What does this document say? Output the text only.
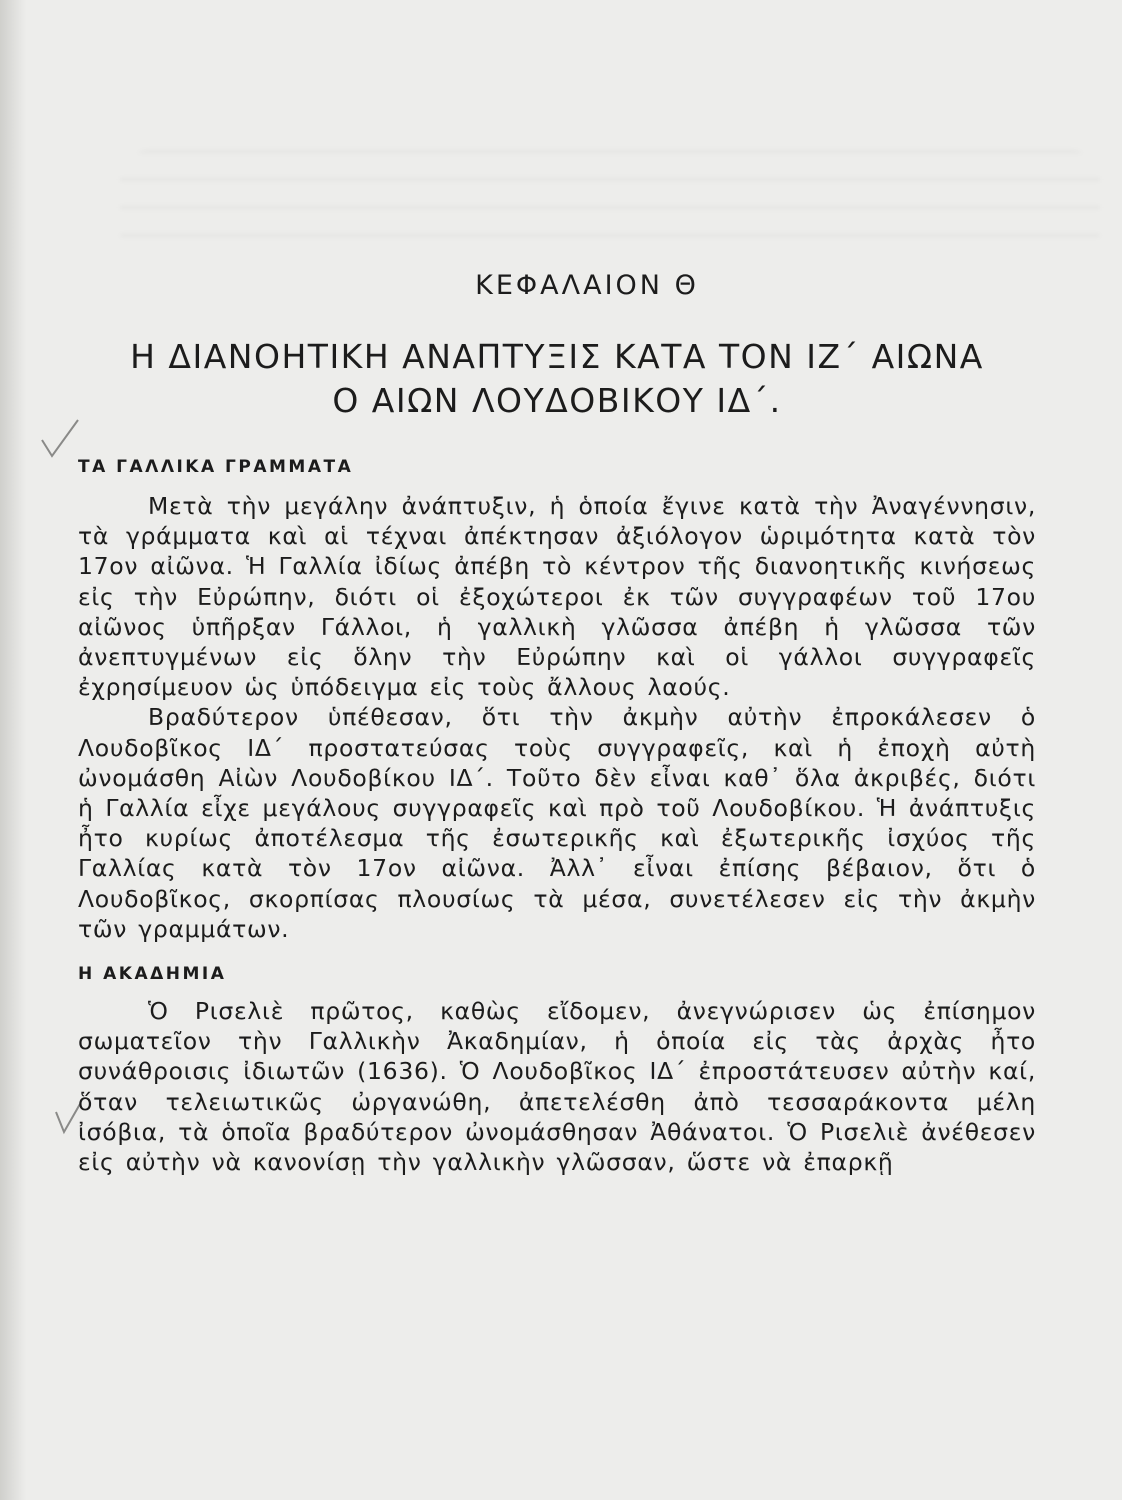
ΚΕΦΑΛΑΙΟΝ Θ
Η ΔΙΑΝΟΗΤΙΚΗ ΑΝΑΠΤΥΞΙΣ ΚΑΤΑ ΤΟΝ ΙΖ΄ ΑΙΩΝΑ
Ο ΑΙΩΝ ΛΟΥΔΟΒΙΚΟΥ ΙΔ΄.
ΤΑ ΓΑΛΛΙΚΑ ΓΡΑΜΜΑΤΑ

Μετὰ τὴν μεγάλην ἀνάπτυξιν, ἡ ὁποία ἔγινε κατὰ τὴν Ἀναγέννησιν, τὰ γράμματα καὶ αἱ τέχναι ἀπέκτησαν ἀξιόλογον ὡριμότητα κατὰ τὸν 17ον αἰῶνα. Ἡ Γαλλία ἰδίως ἀπέβη τὸ κέντρον τῆς διανοητικῆς κινήσεως εἰς τὴν Εὐρώπην, διότι οἱ ἐξοχώτεροι ἐκ τῶν συγγραφέων τοῦ 17ου αἰῶνος ὑπῆρξαν Γάλλοι, ἡ γαλλικὴ γλῶσσα ἀπέβη ἡ γλῶσσα τῶν ἀνεπτυγμένων εἰς ὅλην τὴν Εὐρώπην καὶ οἱ γάλλοι συγγραφεῖς ἐχρησίμευον ὡς ὑπόδειγμα εἰς τοὺς ἄλλους λαούς.

Βραδύτερον ὑπέθεσαν, ὅτι τὴν ἀκμὴν αὐτὴν ἐπροκάλεσεν ὁ Λουδοβῖκος ΙΔ΄ προστατεύσας τοὺς συγγραφεῖς, καὶ ἡ ἐποχὴ αὐτὴ ὠνομάσθη Αἰὼν Λουδοβίκου ΙΔ΄. Τοῦτο δὲν εἶναι καθ᾿ ὅλα ἀκριβές, διότι ἡ Γαλλία εἶχε μεγάλους συγγραφεῖς καὶ πρὸ τοῦ Λουδοβίκου. Ἡ ἀνάπτυξις ἦτο κυρίως ἀποτέλεσμα τῆς ἐσωτερικῆς καὶ ἐξωτερικῆς ἰσχύος τῆς Γαλλίας κατὰ τὸν 17ον αἰῶνα. Ἀλλ᾿ εἶναι ἐπίσης βέβαιον, ὅτι ὁ Λουδοβῖκος, σκορπίσας πλουσίως τὰ μέσα, συνετέλεσεν εἰς τὴν ἀκμὴν τῶν γραμμάτων.

Η ΑΚΑΔΗΜΙΑ

Ὁ Ρισελιὲ πρῶτος, καθὼς εἴδομεν, ἀνεγνώρισεν ὡς ἐπίσημον σωματεῖον τὴν Γαλλικὴν Ἀκαδημίαν, ἡ ὁποία εἰς τὰς ἀρχὰς ἦτο συνάθροισις ἰδιωτῶν (1636). Ὁ Λουδοβῖκος ΙΔ΄ ἐπροστάτευσεν αὐτὴν καί, ὅταν τελειωτικῶς ὠργανώθη, ἀπετελέσθη ἀπὸ τεσσαράκοντα μέλη ἰσόβια, τὰ ὁποῖα βραδύτερον ὠνομάσθησαν Ἀθάνατοι. Ὁ Ρισελιὲ ἀνέθεσεν εἰς αὐτὴν νὰ κανονίσῃ τὴν γαλλικὴν γλῶσσαν, ὥστε νὰ ἐπαρκῇ
